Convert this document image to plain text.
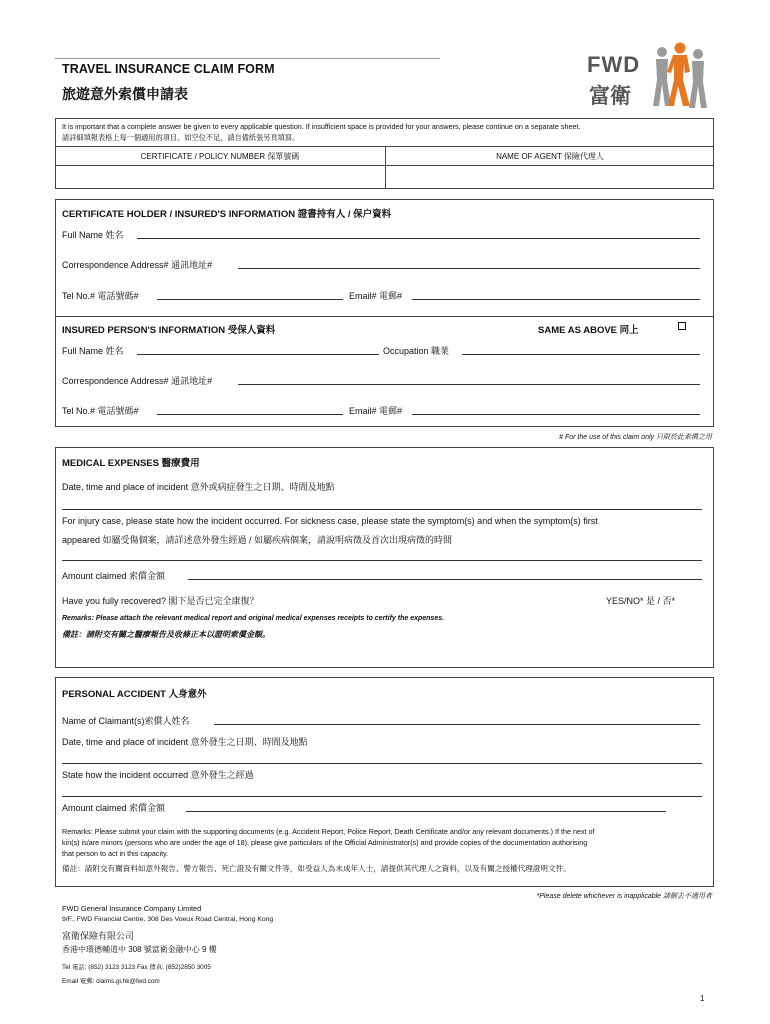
TRAVEL INSURANCE CLAIM FORM
旅遊意外索償申請表
FWD
富衛
It is important that a complete answer be given to every applicable question. If insufficient space is provided for your answers, please continue on a separate sheet.
請詳細填報表格上每一個適用的項目。如空位不足，請自備紙張另頁填寫。
CERTIFICATE / POLICY NUMBER 保單號碼	NAME OF AGENT 保險代理人
CERTIFICATE HOLDER / INSURED'S INFORMATION 證書持有人 / 保户資料
Full Name 姓名
Correspondence Address# 通訊地址#
Tel No.# 電話號碼#	Email# 電郵#
INSURED PERSON'S INFORMATION 受保人資料	SAME AS ABOVE 同上
Full Name 姓名	Occupation 職業
Correspondence Address# 通訊地址#
Tel No.# 電話號碼#	Email# 電郵#
# For the use of this claim only 只限於此索償之用
MEDICAL EXPENSES 醫療費用
Date, time and place of incident 意外或病症發生之日期、時間及地點
For injury case, please state how the incident occurred. For sickness case, please state the symptom(s) and when the symptom(s) first
appeared 如屬受傷個案，請詳述意外發生經過 / 如屬疾病個案，請說明病徵及首次出現病徵的時間
Amount claimed 索償金額
Have you fully recovered? 閣下是否已完全康復？	YES/NO* 是 / 否*
Remarks: Please attach the relevant medical report and original medical expenses receipts to certify the expenses.
備註：請附交有關之醫療報告及收條正本以證明索償金額。
PERSONAL ACCIDENT 人身意外
Name of Claimant(s)索償人姓名
Date, time and place of incident 意外發生之日期、時間及地點
State how the incident occurred 意外發生之經過
Amount claimed 索償金額
Remarks: Please submit your claim with the supporting documents (e.g. Accident Report, Police Report, Death Certificate and/or any relevant documents.) If the next of
kin(s) is/are minors (persons who are under the age of 18), please give particulars of the Official Administrator(s) and provide copies of the documentation authorising
that person to act in this capacity.
備註：請附交有關資料如意外報告、警方報告、死亡證及有關文件等，如受益人為未成年人士，請提供其代理人之資料，以及有關之授權代理證明文件。
*Please delete whichever is inapplicable 請刪去不適用者
FWD General Insurance Company Limited
9/F., FWD Financial Centre, 308 Des Voeux Road Central, Hong Kong
富衛保險有限公司
香港中環德輔道中 308 號富衛金融中心 9 樓
Tel 電話: (852) 3123 3123 Fax 傳真: (852)2850 3005
Email 電郵: claims.gi.hk@fwd.com
1
